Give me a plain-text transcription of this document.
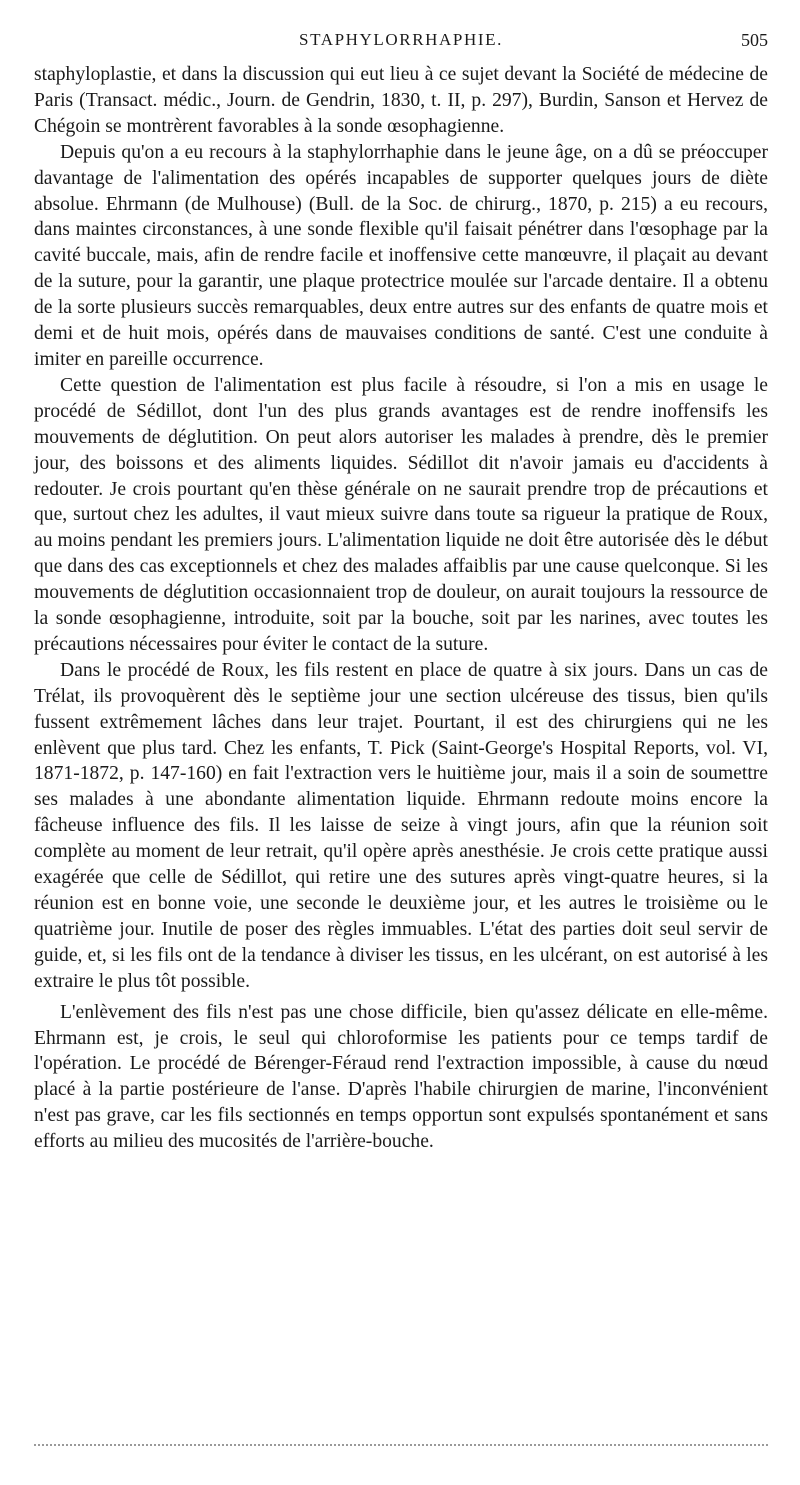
STAPHYLORRHAPHIE.	505

staphyloplastie, et dans la discussion qui eut lieu à ce sujet devant la Société de médecine de Paris (Transact. médic., Journ. de Gendrin, 1830, t. II, p. 297), Burdin, Sanson et Hervez de Chégoin se montrèrent favorables à la sonde œsophagienne.

Depuis qu'on a eu recours à la staphylorrhaphie dans le jeune âge, on a dû se préoccuper davantage de l'alimentation des opérés incapables de supporter quelques jours de diète absolue. Ehrmann (de Mulhouse) (Bull. de la Soc. de chirurg., 1870, p. 215) a eu recours, dans maintes circonstances, à une sonde flexible qu'il faisait pénétrer dans l'œsophage par la cavité buccale, mais, afin de rendre facile et inoffensive cette manœuvre, il plaçait au devant de la suture, pour la garantir, une plaque protectrice moulée sur l'arcade dentaire. Il a obtenu de la sorte plusieurs succès remarquables, deux entre autres sur des enfants de quatre mois et demi et de huit mois, opérés dans de mauvaises conditions de santé. C'est une conduite à imiter en pareille occurrence.

Cette question de l'alimentation est plus facile à résoudre, si l'on a mis en usage le procédé de Sédillot, dont l'un des plus grands avantages est de rendre inoffensifs les mouvements de déglutition. On peut alors autoriser les malades à prendre, dès le premier jour, des boissons et des aliments liquides. Sédillot dit n'avoir jamais eu d'accidents à redouter. Je crois pourtant qu'en thèse générale on ne saurait prendre trop de précautions et que, surtout chez les adultes, il vaut mieux suivre dans toute sa rigueur la pratique de Roux, au moins pendant les premiers jours. L'alimentation liquide ne doit être autorisée dès le début que dans des cas exceptionnels et chez des malades affaiblis par une cause quelconque. Si les mouvements de déglutition occasionnaient trop de douleur, on aurait toujours la ressource de la sonde œsophagienne, introduite, soit par la bouche, soit par les narines, avec toutes les précautions nécessaires pour éviter le contact de la suture.

Dans le procédé de Roux, les fils restent en place de quatre à six jours. Dans un cas de Trélat, ils provoquèrent dès le septième jour une section ulcéreuse des tissus, bien qu'ils fussent extrêmement lâches dans leur trajet. Pourtant, il est des chirurgiens qui ne les enlèvent que plus tard. Chez les enfants, T. Pick (Saint-George's Hospital Reports, vol. VI, 1871-1872, p. 147-160) en fait l'extraction vers le huitième jour, mais il a soin de soumettre ses malades à une abondante alimentation liquide. Ehrmann redoute moins encore la fâcheuse influence des fils. Il les laisse de seize à vingt jours, afin que la réunion soit complète au moment de leur retrait, qu'il opère après anesthésie. Je crois cette pratique aussi exagérée que celle de Sédillot, qui retire une des sutures après vingt-quatre heures, si la réunion est en bonne voie, une seconde le deuxième jour, et les autres le troisième ou le quatrième jour. Inutile de poser des règles immuables. L'état des parties doit seul servir de guide, et, si les fils ont de la tendance à diviser les tissus, en les ulcérant, on est autorisé à les extraire le plus tôt possible.

L'enlèvement des fils n'est pas une chose difficile, bien qu'assez délicate en elle-même. Ehrmann est, je crois, le seul qui chloroformise les patients pour ce temps tardif de l'opération. Le procédé de Bérenger-Féraud rend l'extraction impossible, à cause du nœud placé à la partie postérieure de l'anse. D'après l'habile chirurgien de marine, l'inconvénient n'est pas grave, car les fils sectionnés en temps opportun sont expulsés spontanément et sans efforts au milieu des mucosités de l'arrière-bouche.
